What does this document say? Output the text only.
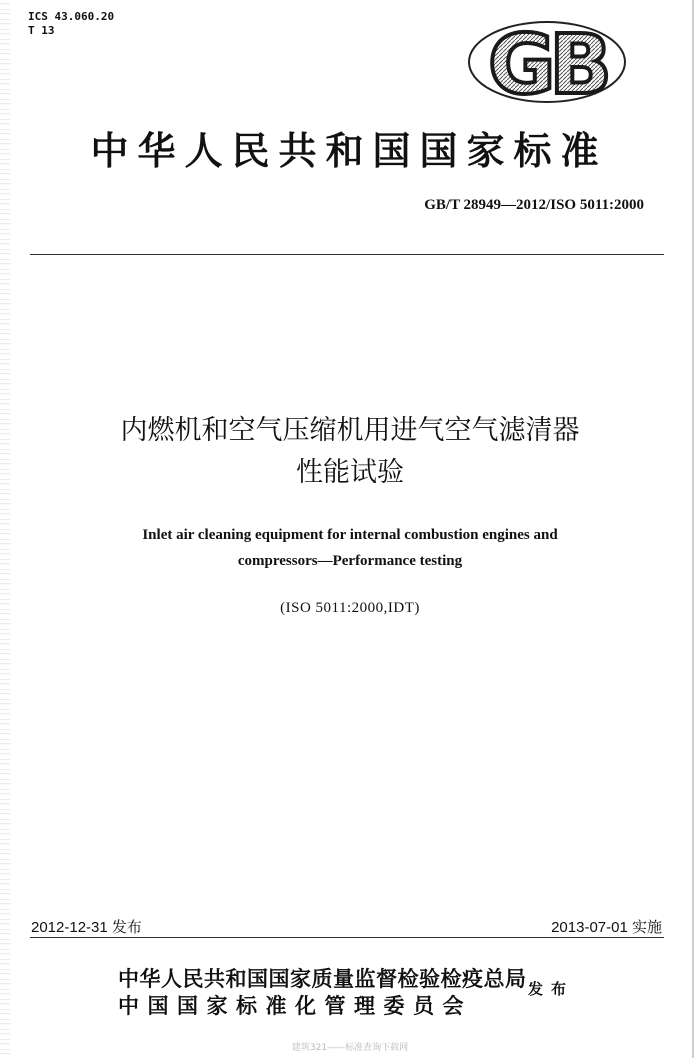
ICS 43.060.20
T 13	GB
中华人民共和国国家标准
GB/T 28949—2012/ISO 5011:2000
内燃机和空气压缩机用进气空气滤清器
性能试验
Inlet air cleaning equipment for internal combustion engines and
compressors—Performance testing
(ISO 5011:2000,IDT)
2012-12-31 发布	2013-07-01 实施
中华人民共和国国家质量监督检验检疫总局
中国国家标准化管理委员会
发布
建筑321——标准查询下载网
